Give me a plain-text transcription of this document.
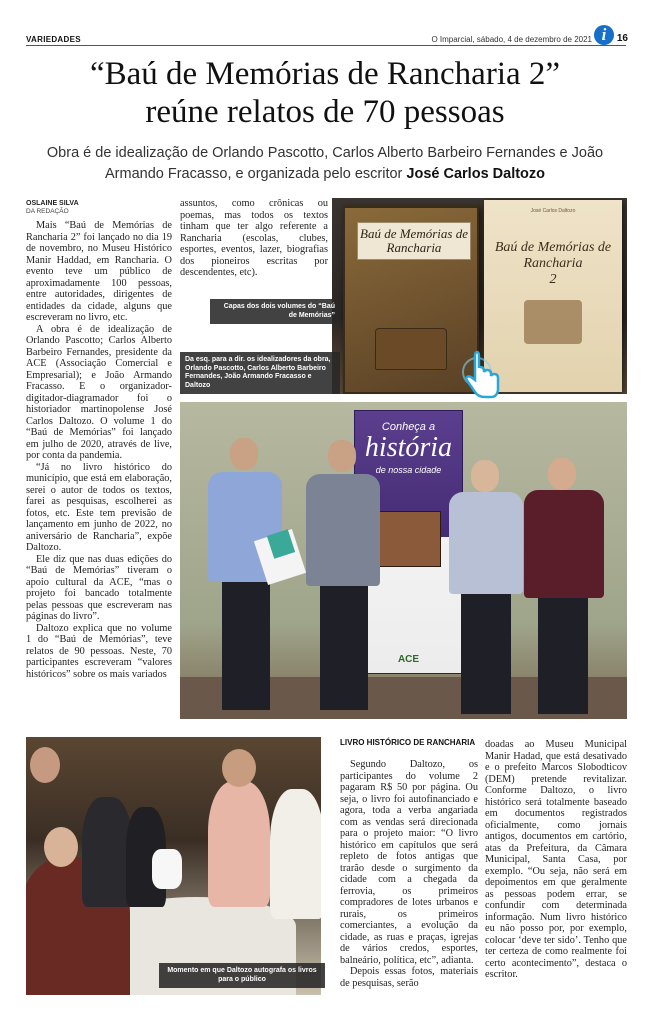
VARIEDADES	O Imparcial, sábado, 4 de dezembro de 2021 i	16
“Baú de Memórias de Rancharia 2”
reúne relatos de 70 pessoas
Obra é de idealização de Orlando Pascotto, Carlos Alberto Barbeiro Fernandes e João Armando Fracasso, e organizada pelo escritor José Carlos Daltozo
OSLAINE SILVA
DA REDAÇÃO

Mais “Baú de Memórias de Rancharia 2” foi lançado no dia 19 de novembro, no Museu Histórico Manir Haddad, em Rancharia. O evento teve um público de aproximadamente 100 pessoas, entre autoridades, dirigentes de entidades da cidade, alguns que escreveram no livro, etc.

A obra é de idealização de Orlando Pascotto; Carlos Alberto Barbeiro Fernandes, presidente da ACE (Associação Comercial e Empresarial); e João Armando Fracasso. E o organizador-digitador-diagramador foi o historiador martinopolense José Carlos Daltozo. O volume 1 do “Baú de Memórias” foi lançado em julho de 2020, através de live, por conta da pandemia.

“Já no livro histórico do município, que está em elaboração, serei o autor de todos os textos, farei as pesquisas, escolherei as fotos, etc. Este tem previsão de lançamento em junho de 2022, no aniversário de Rancharia”, expõe Daltozo.

Ele diz que nas duas edições do “Baú de Memórias” tiveram o apoio cultural da ACE, “mas o projeto foi bancado totalmente pelas pessoas que escreveram nas páginas do livro”.

Daltozo explica que no volume 1 do “Baú de Memórias”, teve relatos de 90 pessoas. Neste, 70 participantes escreveram “valores históricos” sobre os mais variados

assuntos, como crônicas ou poemas, mas todos os textos tinham que ter algo referente a Rancharia (escolas, clubes, esportes, eventos, lazer, biografias dos pioneiros escritas por descendentes, etc).

Baú de Memórias de Rancharia
José Carlos Daltozo
Baú de Memórias de Rancharia
2
Capas dos dois volumes do “Baú de Memórias”
Da esq. para a dir. os idealizadores da obra, Orlando Pascotto, Carlos Alberto Barbeiro Fernandes, João Armando Fracasso e Daltozo
Conheça a
história
de nossa cidade
ACE
Momento em que Daltozo autografa os livros para o público
LIVRO HISTÓRICO DE RANCHARIA

Segundo Daltozo, os participantes do volume 2 pagaram R$ 50 por página. Ou seja, o livro foi autofinanciado e agora, toda a verba angariada com as vendas será direcionada para o projeto maior: “O livro histórico em capítulos que será repleto de fotos antigas que trarão desde o surgimento da cidade com a chegada da ferrovia, os primeiros compradores de lotes urbanos e rurais, os primeiros comerciantes, a evolução da cidade, as ruas e praças, igrejas de vários credos, esportes, balneário, política, etc”, adianta.

Depois essas fotos, materiais de pesquisas, serão

doadas ao Museu Municipal Manir Hadad, que está desativado e o prefeito Marcos Slobodticov (DEM) pretende revitalizar. Conforme Daltozo, o livro histórico será totalmente baseado em documentos registrados oficialmente, como jornais antigos, documentos em cartório, atas da Prefeitura, da Câmara Municipal, Santa Casa, por exemplo. “Ou seja, não será em depoimentos em que geralmente as pessoas podem errar, se confundir com determinada informação. Num livro histórico eu não posso por, por exemplo, colocar ‘deve ter sido’. Tenho que ter certeza de como realmente foi certo acontecimento”, destaca o escritor.
